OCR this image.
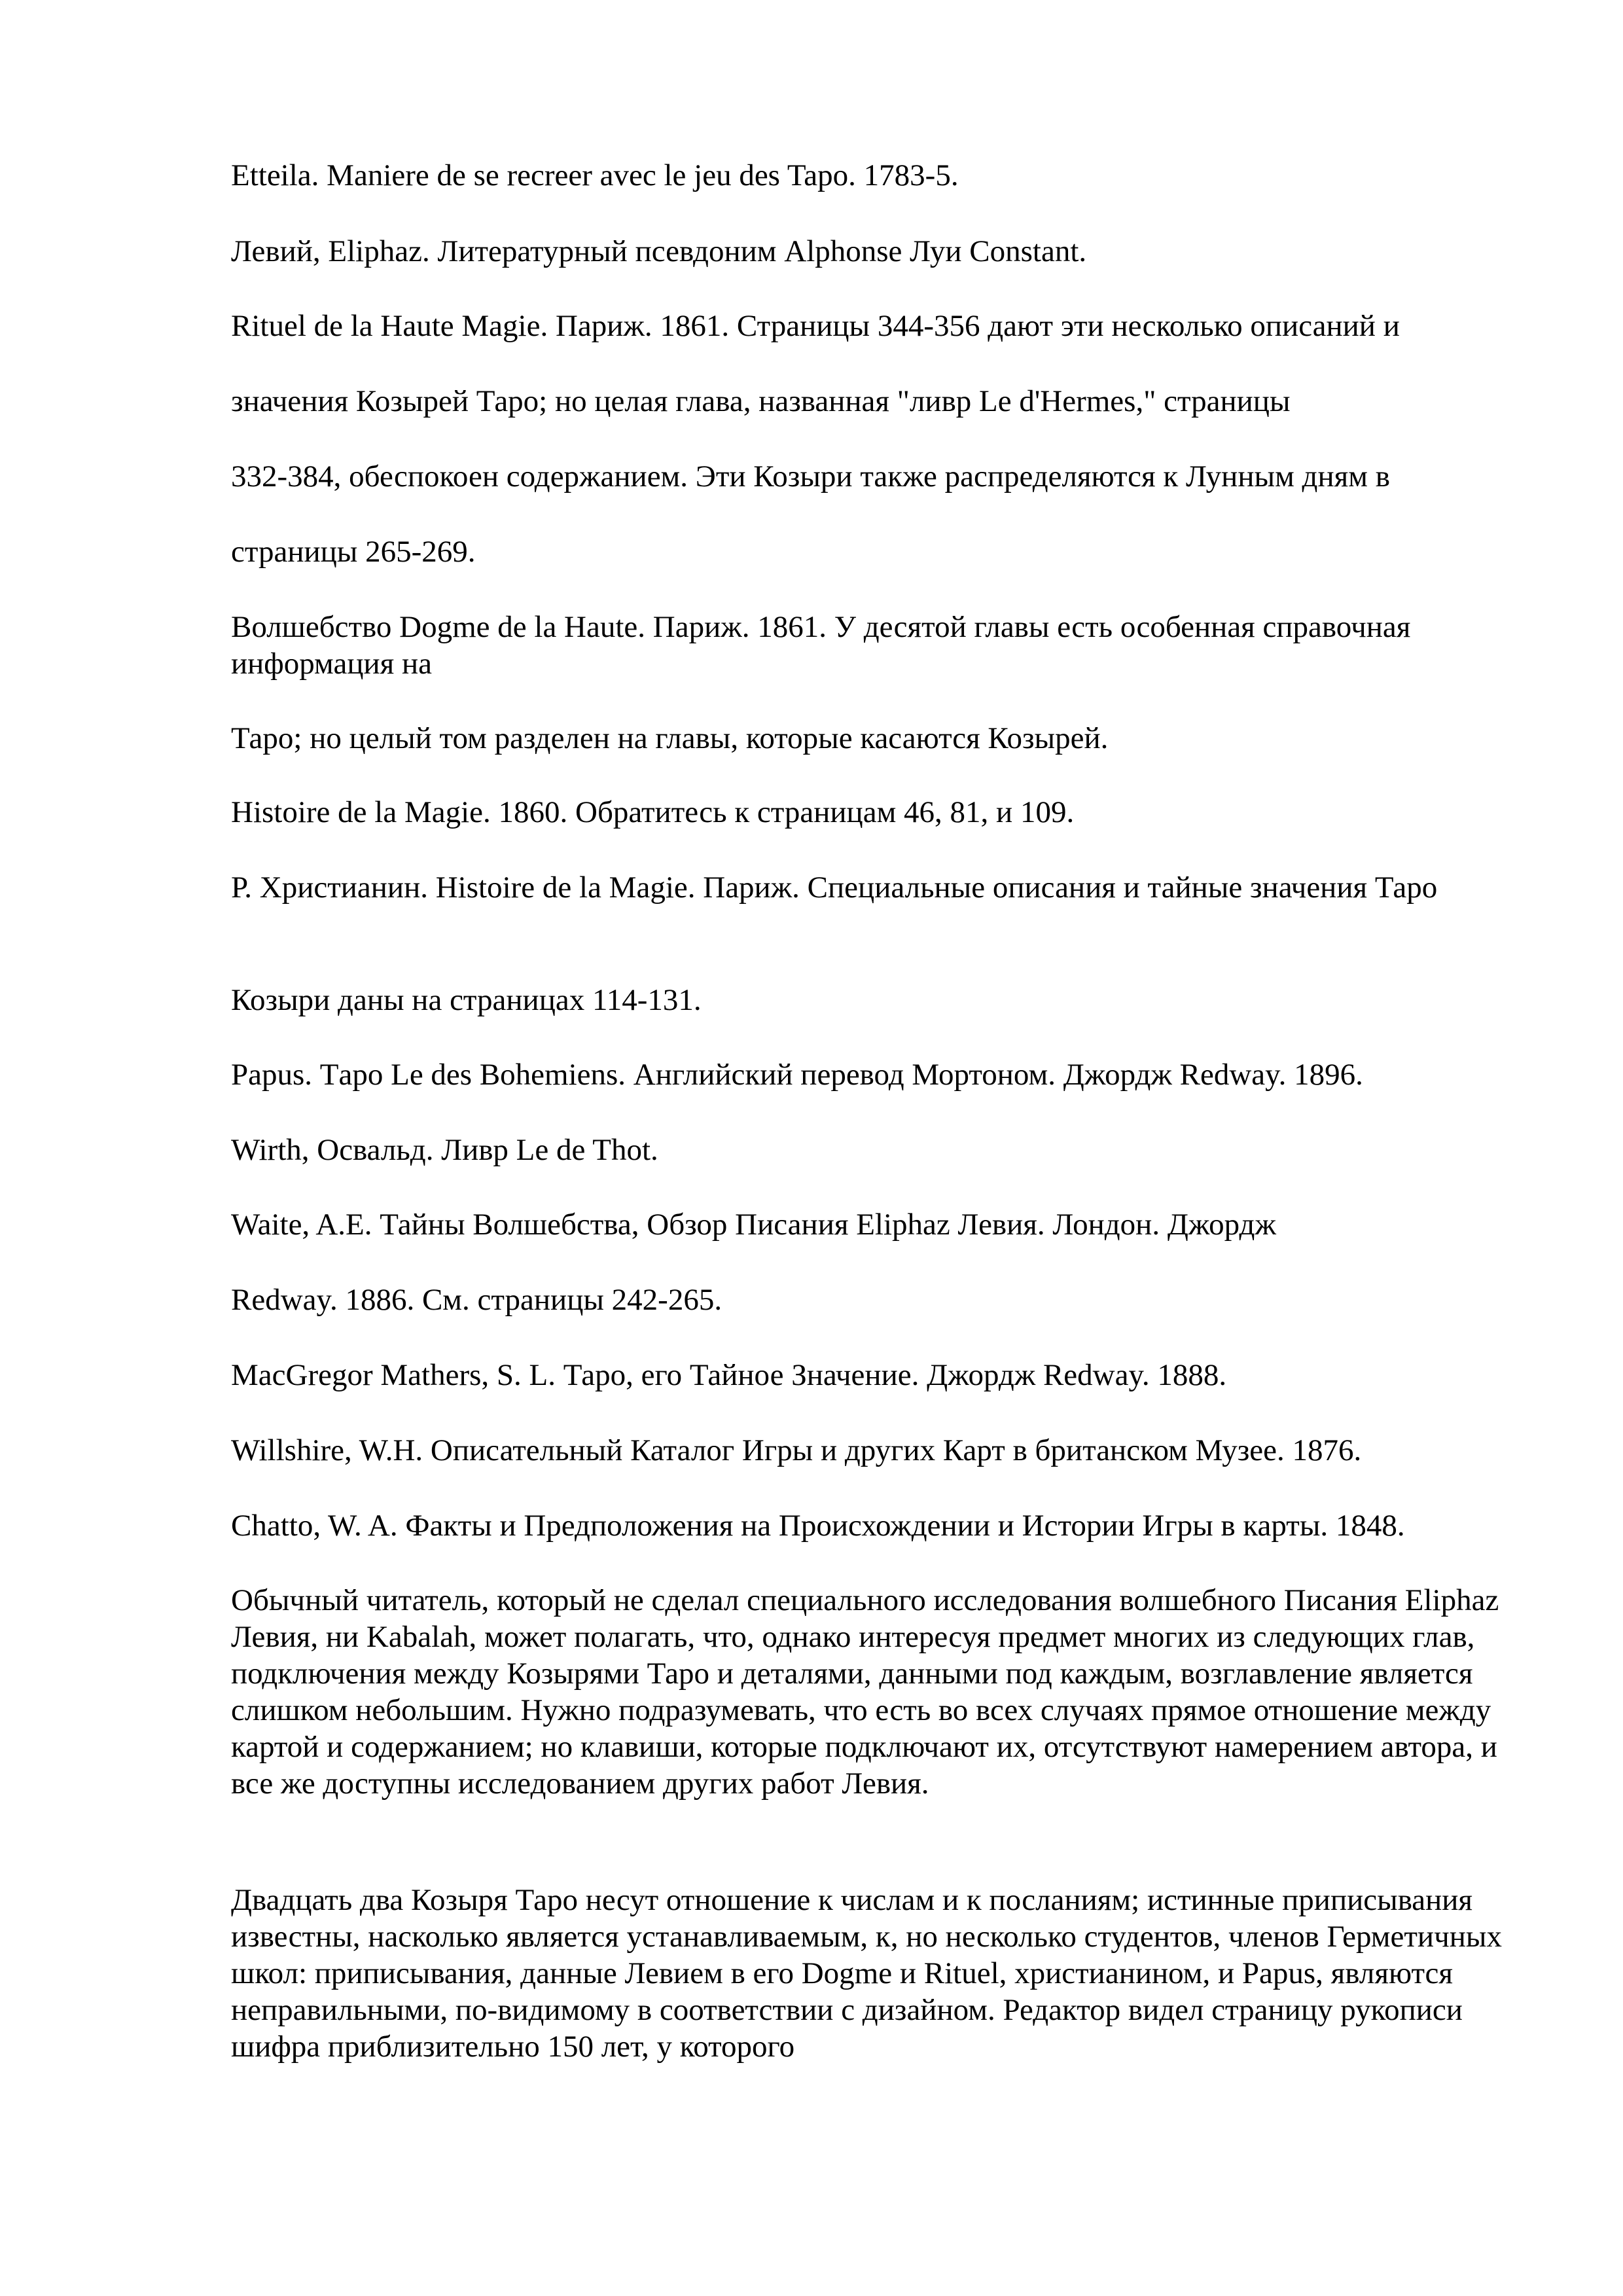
Etteila. Maniere de se recreer avec le jeu des Tapo. 1783-5.

Левий, Eliphaz. Литературный псевдоним Alphonse Луи Constant.

Rituel de la Haute Magie. Париж. 1861. Страницы 344-356 дают эти несколько описаний и

значения Козырей Таро; но целая глава, названная "ливр Le d'Hermes," страницы

332-384, обеспокоен содержанием. Эти Козыри также распределяются к Лунным дням в

страницы 265-269.

Волшебство Dogme de la Haute. Париж. 1861. У десятой главы есть особенная справочная информация на

Таро; но целый том разделен на главы, которые касаются Козырей.

Histoire de la Magie. 1860. Обратитесь к страницам 46, 81, и 109.

Р. Христианин. Histoire de la Magie. Париж. Специальные описания и тайные значения Таро

Козыри даны на страницах 114-131.

Papus. Тapo Le des Bohemiens. Английский перевод Мортоном. Джордж Redway. 1896.

Wirth, Освальд. Ливр Le de Thot.

Waite, A.E. Тайны Волшебства, Обзор Писания Eliphaz Левия. Лондон. Джордж

Redway. 1886. См. страницы 242-265.

MacGregor Mathers, S. L. Таро, его Тайное Значение. Джордж Redway. 1888.

Willshire, W.H. Описательный Каталог Игры и других Карт в британском Музее. 1876.

Chatto, W. A. Факты и Предположения на Происхождении и Истории Игры в карты. 1848.

Обычный читатель, который не сделал специального исследования волшебного Писания Eliphaz Левия, ни Kabalah, может полагать, что, однако интересуя предмет многих из следующих глав, подключения между Козырями Таро и деталями, данными под каждым, возглавление является слишком небольшим. Нужно подразумевать, что есть во всех случаях прямое отношение между картой и содержанием; но клавиши, которые подключают их, отсутствуют намерением автора, и все же доступны исследованием других работ Левия.

Двадцать два Козыря Таро несут отношение к числам и к посланиям; истинные приписывания известны, насколько является устанавливаемым, к, но несколько студентов, членов Герметичных школ: приписывания, данные Левием в его Dogme и Rituel, христианином, и Papus, являются неправильными, по-видимому в соответствии с дизайном. Редактор видел страницу рукописи шифра приблизительно 150 лет, у которого
